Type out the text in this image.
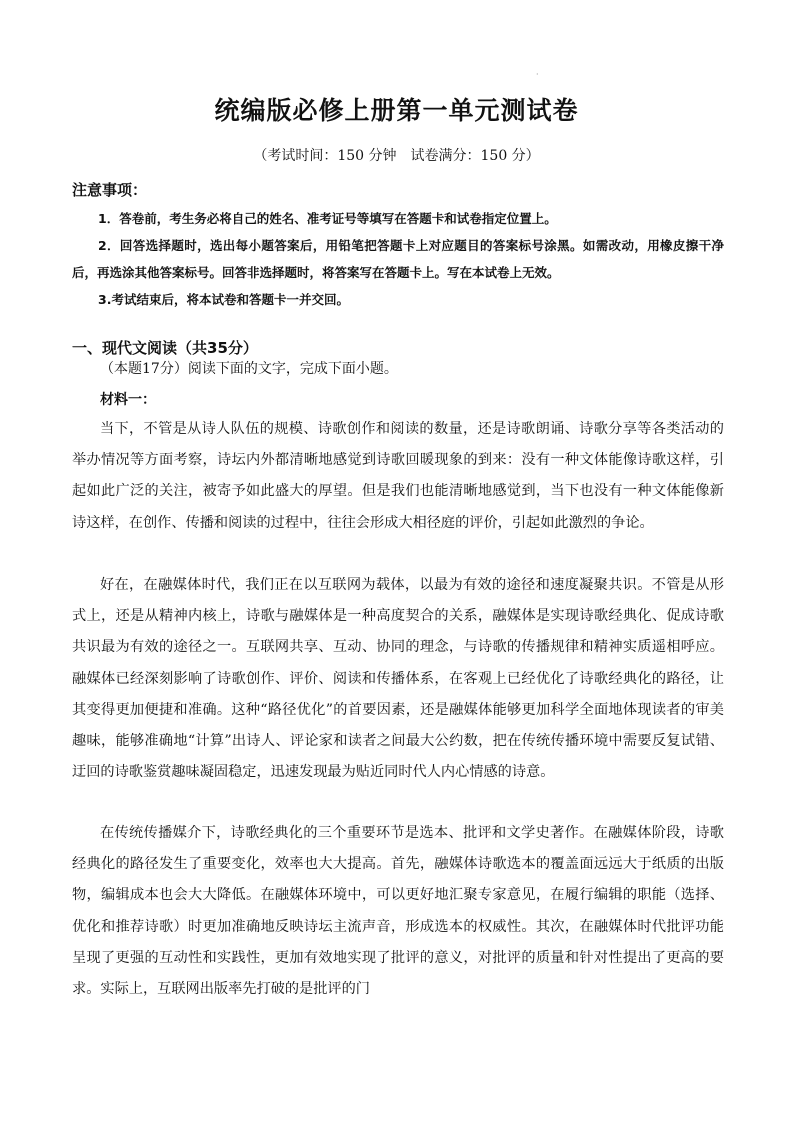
·
统编版必修上册第一单元测试卷
（考试时间：150 分钟　试卷满分：150 分）
注意事项：
1．答卷前，考生务必将自己的姓名、准考证号等填写在答题卡和试卷指定位置上。
2．回答选择题时，选出每小题答案后，用铅笔把答题卡上对应题目的答案标号涂黑。如需改动，用橡皮擦干净后，再选涂其他答案标号。回答非选择题时，将答案写在答题卡上。写在本试卷上无效。
3.考试结束后，将本试卷和答题卡一并交回。
一、现代文阅读（共35分）
（本题17分）阅读下面的文字，完成下面小题。
材料一：
当下，不管是从诗人队伍的规模、诗歌创作和阅读的数量，还是诗歌朗诵、诗歌分享等各类活动的举办情况等方面考察，诗坛内外都清晰地感觉到诗歌回暖现象的到来：没有一种文体能像诗歌这样，引起如此广泛的关注，被寄予如此盛大的厚望。但是我们也能清晰地感觉到，当下也没有一种文体能像新诗这样，在创作、传播和阅读的过程中，往往会形成大相径庭的评价，引起如此激烈的争论。
好在，在融媒体时代，我们正在以互联网为载体，以最为有效的途径和速度凝聚共识。不管是从形式上，还是从精神内核上，诗歌与融媒体是一种高度契合的关系，融媒体是实现诗歌经典化、促成诗歌共识最为有效的途径之一。互联网共享、互动、协同的理念，与诗歌的传播规律和精神实质遥相呼应。融媒体已经深刻影响了诗歌创作、评价、阅读和传播体系，在客观上已经优化了诗歌经典化的路径，让其变得更加便捷和准确。这种“路径优化”的首要因素，还是融媒体能够更加科学全面地体现读者的审美趣味，能够准确地“计算”出诗人、评论家和读者之间最大公约数，把在传统传播环境中需要反复试错、迂回的诗歌鉴赏趣味凝固稳定，迅速发现最为贴近同时代人内心情感的诗意。
在传统传播媒介下，诗歌经典化的三个重要环节是选本、批评和文学史著作。在融媒体阶段，诗歌经典化的路径发生了重要变化，效率也大大提高。首先，融媒体诗歌选本的覆盖面远远大于纸质的出版物，编辑成本也会大大降低。在融媒体环境中，可以更好地汇聚专家意见，在履行编辑的职能（选择、优化和推荐诗歌）时更加准确地反映诗坛主流声音，形成选本的权威性。其次，在融媒体时代批评功能呈现了更强的互动性和实践性，更加有效地实现了批评的意义，对批评的质量和针对性提出了更高的要求。实际上，互联网出版率先打破的是批评的门
